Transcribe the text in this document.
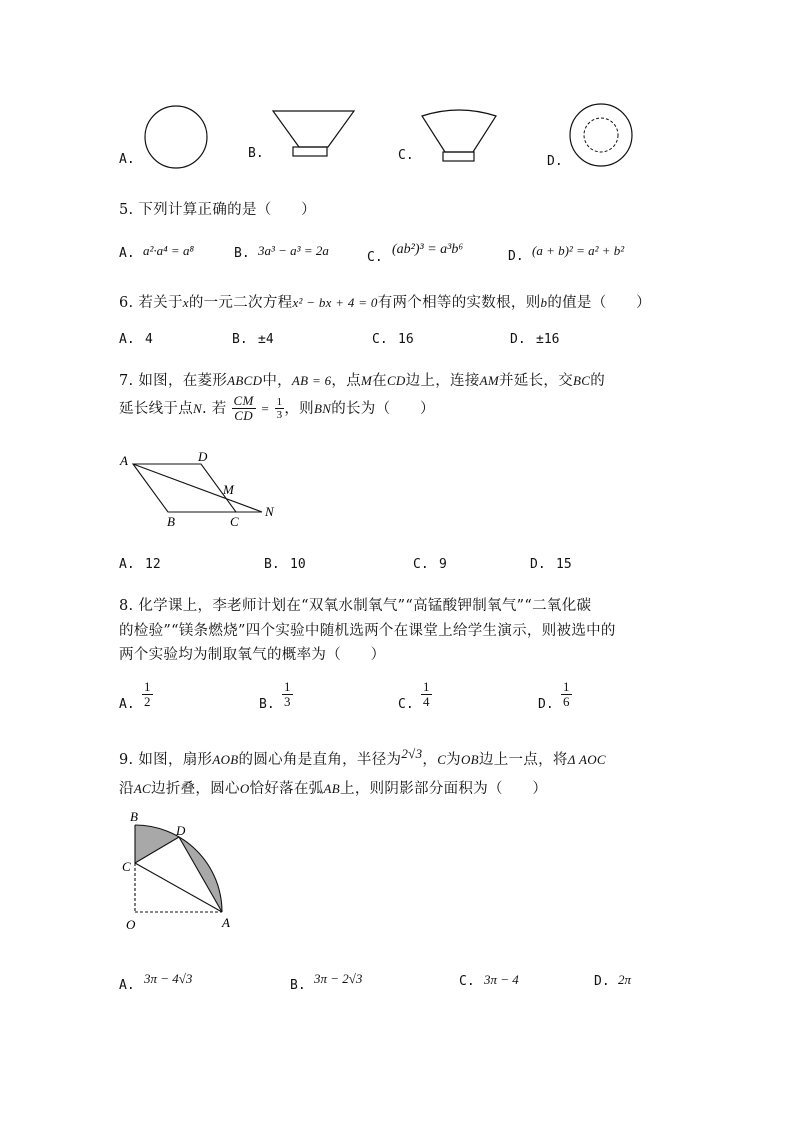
A.	B.	C.	D.
5. 下列计算正确的是（　　）
A. a²·a⁴ = a⁸	B. 3a³ − a³ = 2a	C.
(ab²)³ = a³b⁶	D. (a + b)² = a² + b²
6. 若关于x的一元二次方程x² − bx + 4 = 0有两个相等的实数根，则b的值是（　　）
A. 4	B. ±4	C. 16	D. ±16
7. 如图，在菱形ABCD中，AB = 6，点M在CD边上，连接AM并延长，交BC的
延长线于点N. 若 $\frac{CM}{CD} = \frac{1}{3}$ ，则BN的长为（　　）
A	D
M
B	C
N
A. 12	B. 10	C. 9	D. 15
8. 化学课上，李老师计划在“双氧水制氧气”“高锰酸钾制氧气”“二氧化碳
的检验”“镁条燃烧”四个实验中随机选两个在课堂上给学生演示，则被选中的
两个实验均为制取氧气的概率为（　　）
A. $\frac{1}{2}$	B. $\frac{1}{3}$	C. $\frac{1}{4}$	D. $\frac{1}{6}$
9. 如图，扇形AOB的圆心角是直角，半径为2√3，C为OB边上一点，将Δ AOC
沿AC边折叠，圆心O恰好落在弧AB上，则阴影部分面积为（　　）
B
D
C
O	A
A. 3π − 4√3	B. 3π − 2√3	C. 3π − 4	D. 2π
